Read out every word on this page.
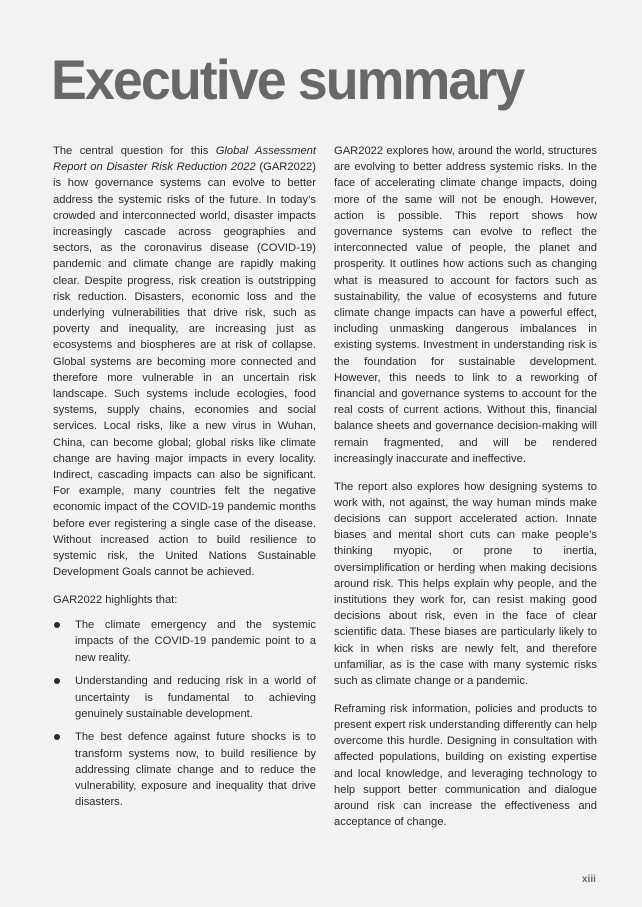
Executive summary

The central question for this Global Assessment Report on Disaster Risk Reduction 2022 (GAR2022) is how governance systems can evolve to better address the systemic risks of the future. In today’s crowded and interconnected world, disaster impacts increasingly cascade across geographies and sectors, as the coronavirus disease (COVID-19) pandemic and climate change are rapidly making clear. Despite progress, risk creation is outstripping risk reduction. Disasters, economic loss and the underlying vulnerabilities that drive risk, such as poverty and inequality, are increasing just as ecosystems and biospheres are at risk of collapse. Global systems are becoming more connected and therefore more vulnerable in an uncertain risk landscape. Such systems include ecologies, food systems, supply chains, economies and social services. Local risks, like a new virus in Wuhan, China, can become global; global risks like climate change are having major impacts in every locality. Indirect, cascading impacts can also be significant. For example, many countries felt the negative economic impact of the COVID-19 pandemic months before ever registering a single case of the disease. Without increased action to build resilience to systemic risk, the United Nations Sustainable Development Goals cannot be achieved.

GAR2022 highlights that:

The climate emergency and the systemic impacts of the COVID-19 pandemic point to a new reality.
Understanding and reducing risk in a world of uncertainty is fundamental to achieving genuinely sustainable development.
The best defence against future shocks is to transform systems now, to build resilience by addressing climate change and to reduce the vulnerability, exposure and inequality that drive disasters.

GAR2022 explores how, around the world, structures are evolving to better address systemic risks. In the face of accelerating climate change impacts, doing more of the same will not be enough. However, action is possible. This report shows how governance systems can evolve to reflect the interconnected value of people, the planet and prosperity. It outlines how actions such as changing what is measured to account for factors such as sustainability, the value of ecosystems and future climate change impacts can have a powerful effect, including unmasking dangerous imbalances in existing systems. Investment in understanding risk is the foundation for sustainable development. However, this needs to link to a reworking of financial and governance systems to account for the real costs of current actions. Without this, financial balance sheets and governance decision-making will remain fragmented, and will be rendered increasingly inaccurate and ineffective.

The report also explores how designing systems to work with, not against, the way human minds make decisions can support accelerated action. Innate biases and mental short cuts can make people’s thinking myopic, or prone to inertia, oversimplification or herding when making decisions around risk. This helps explain why people, and the institutions they work for, can resist making good decisions about risk, even in the face of clear scientific data. These biases are particularly likely to kick in when risks are newly felt, and therefore unfamiliar, as is the case with many systemic risks such as climate change or a pandemic.

Reframing risk information, policies and products to present expert risk understanding differently can help overcome this hurdle. Designing in consultation with affected populations, building on existing expertise and local knowledge, and leveraging technology to help support better communication and dialogue around risk can increase the effectiveness and acceptance of change.

xiii
